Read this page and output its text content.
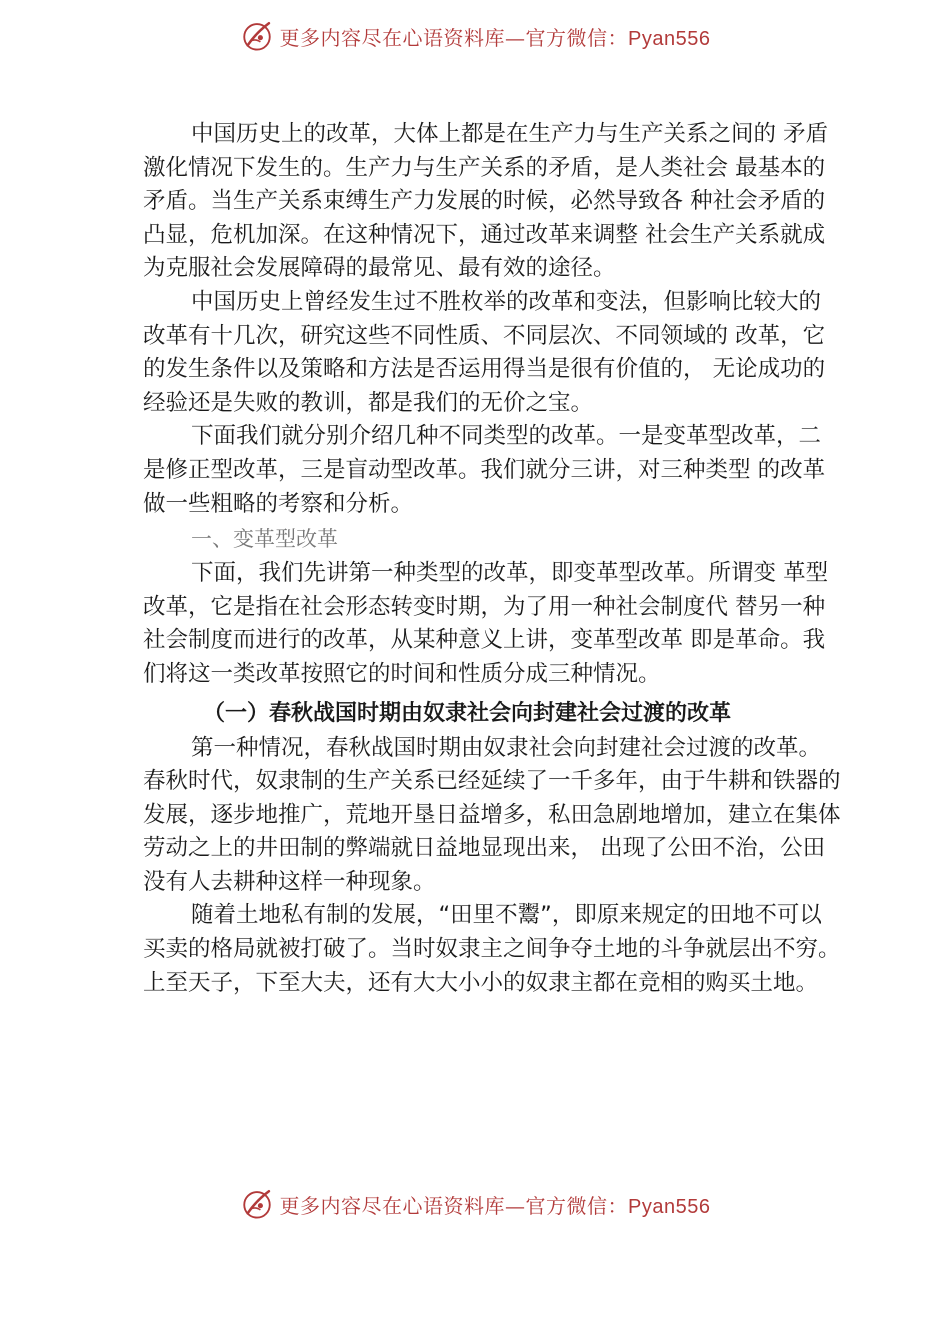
更多内容尽在心语资料库—官方微信：Pyan556

中国历史上的改革，大体上都是在生产力与生产关系之间的 矛盾激化情况下发生的。生产力与生产关系的矛盾，是人类社会 最基本的矛盾。当生产关系束缚生产力发展的时候，必然导致各 种社会矛盾的凸显，危机加深。在这种情况下，通过改革来调整 社会生产关系就成为克服社会发展障碍的最常见、最有效的途径。

中国历史上曾经发生过不胜枚举的改革和变法，但影响比较大的改革有十几次，研究这些不同性质、不同层次、不同领域的 改革，它的发生条件以及策略和方法是否运用得当是很有价值的， 无论成功的经验还是失败的教训，都是我们的无价之宝。

下面我们就分别介绍几种不同类型的改革。一是变革型改革，二是修正型改革，三是盲动型改革。我们就分三讲，对三种类型 的改革做一些粗略的考察和分析。

一、变革型改革

下面，我们先讲第一种类型的改革，即变革型改革。所谓变 革型改革，它是指在社会形态转变时期，为了用一种社会制度代 替另一种社会制度而进行的改革，从某种意义上讲，变革型改革 即是革命。我们将这一类改革按照它的时间和性质分成三种情况。

（一）春秋战国时期由奴隶社会向封建社会过渡的改革

第一种情况，春秋战国时期由奴隶社会向封建社会过渡的改革。春秋时代，奴隶制的生产关系已经延续了一千多年，由于牛耕和铁器的发展，逐步地推广，荒地开垦日益增多，私田急剧地增加，建立在集体劳动之上的井田制的弊端就日益地显现出来， 出现了公田不治，公田没有人去耕种这样一种现象。

随着土地私有制的发展，“田里不鬻”，即原来规定的田地不可以买卖的格局就被打破了。当时奴隶主之间争夺土地的斗争就层出不穷。上至天子，下至大夫，还有大大小小的奴隶主都在竞相的购买土地。

更多内容尽在心语资料库—官方微信：Pyan556
